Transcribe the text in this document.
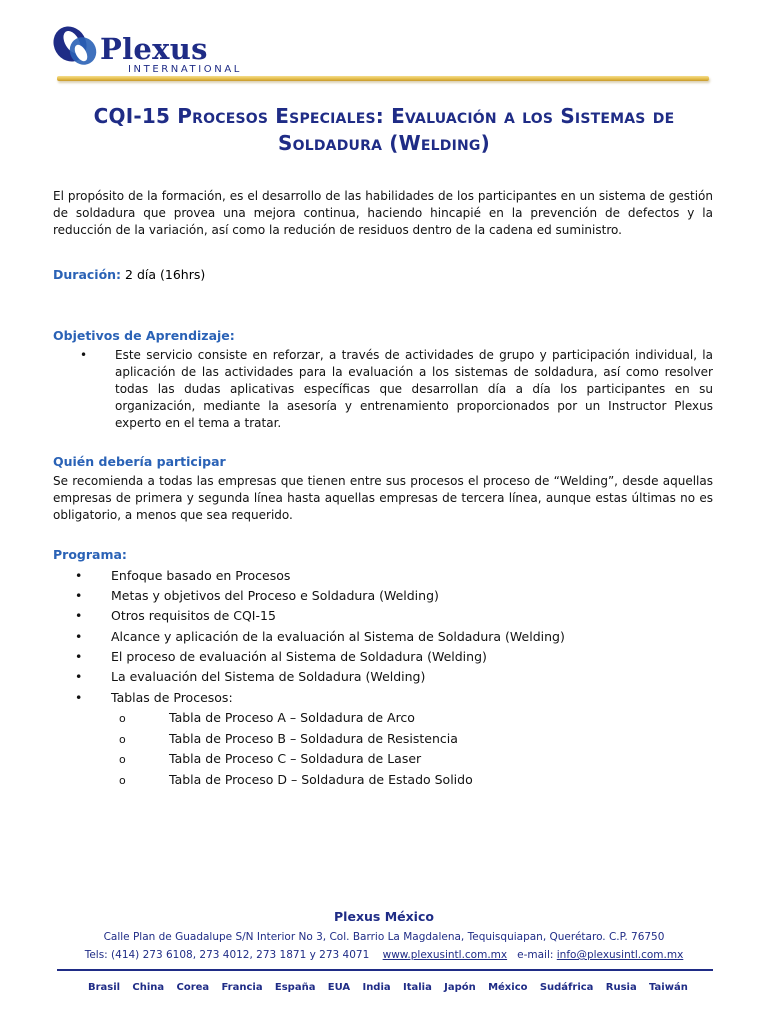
Plexus
INTERNATIONAL
CQI-15 Procesos Especiales: Evaluación a los Sistemas de
Soldadura (Welding)
El propósito de la formación, es el desarrollo de las habilidades de los participantes en un sistema de gestión de soldadura que provea una mejora continua, haciendo hincapié en la prevención de defectos y la reducción de la variación, así como la redución de residuos dentro de la cadena ed suministro.
Duración: 2 día (16hrs)
Objetivos de Aprendizaje:
• Este servicio consiste en reforzar, a través de actividades de grupo y participación individual, la aplicación de las actividades para la evaluación a los sistemas de soldadura, así como resolver todas las dudas aplicativas específicas que desarrollan día a día los participantes en su organización, mediante la asesoría y entrenamiento proporcionados por un Instructor Plexus experto en el tema a tratar.
Quién debería participar
Se recomienda a todas las empresas que tienen entre sus procesos el proceso de “Welding”, desde aquellas empresas de primera y segunda línea hasta aquellas empresas de tercera línea, aunque estas últimas no es obligatorio, a menos que sea requerido.
Programa:
• Enfoque basado en Procesos
• Metas y objetivos del Proceso e Soldadura (Welding)
• Otros requisitos de CQI-15
• Alcance y aplicación de la evaluación al Sistema de Soldadura (Welding)
• El proceso de evaluación al Sistema de Soldadura (Welding)
• La evaluación del Sistema de Soldadura (Welding)
• Tablas de Procesos:
o	Tabla de Proceso A – Soldadura de Arco
o	Tabla de Proceso B – Soldadura de Resistencia
o	Tabla de Proceso C – Soldadura de Laser
o	Tabla de Proceso D – Soldadura de Estado Solido
Plexus México
Calle Plan de Guadalupe S/N Interior No 3, Col. Barrio La Magdalena, Tequisquiapan, Querétaro. C.P. 76750
Tels: (414) 273 6108, 273 4012, 273 1871 y 273 4071 www.plexusintl.com.mx e-mail: info@plexusintl.com.mx
Brasil China Corea Francia España EUA India Italia Japón México Sudáfrica Rusia Taiwán
